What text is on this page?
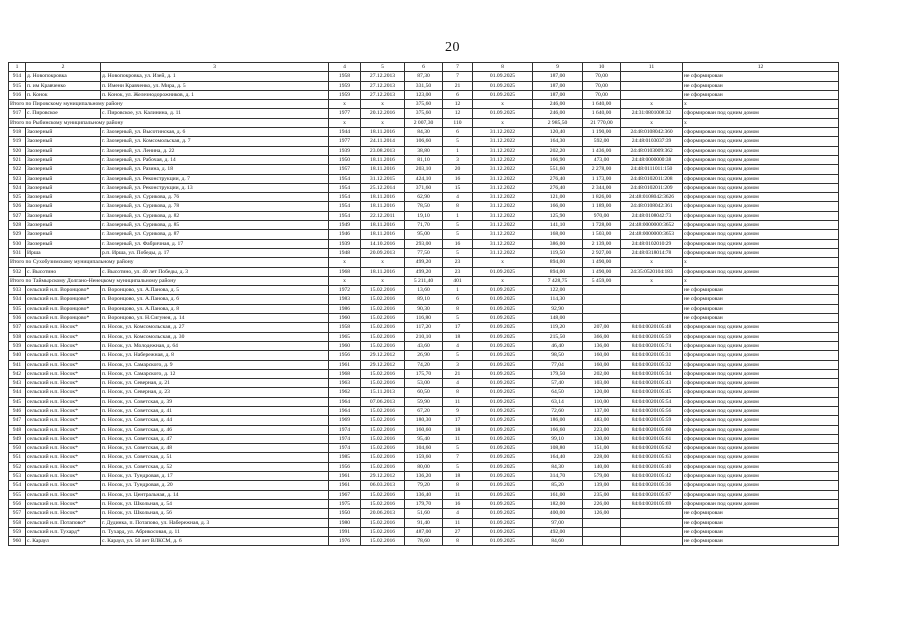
20
1	2	3	4	5	6	7	8	9	10	11	12
914	д. Новопокровка	д. Новопокровка, ул. Изей, д. 1	1958	27.12.2013	87,30	7	01.09.2025	187,00	70,00		не сформирован
915	п. им Кравченко	п. Имени Кравченко, ул. Мира, д. 5	1959	27.12.2013	331,50	21	01.09.2025	187,00	70,00		не сформирован
916	п. Конок	п. Конок, ул. Железнодорожников, д. 1	1959	27.12.2013	123,00	6	01.09.2025	187,00	70,00		не сформирован
Итого по Пировскому муниципальному району			x	x	375,60	12	x	246,00	1 640,00	x	x
917	с. Пировское	с. Пировское, ул. Калинина, д. 11	1977	20.12.2016	375,60	12	01.09.2025	246,00	1 640,00	24:31:0801008:32	сформирован под одним домом
Итого по Рыбинскому муниципальному району			x	x	2 007,30	110	x	2 985,50	21 770,00	x	x
918	Заозерный	г. Заозерный, ул. Высотинская, д. 6	1944	18.11.2016	84,30	6	31.12.2022	120,40	1 190,00	24:48:0108042:360	сформирован под одним домом
919	Заозерный	г. Заозерный, ул. Комсомольская, д. 7	1977	24.11.2014	106,60	5	31.12.2022	164,30	592,00	24:48:0103037:39	сформирован под одним домом
920	Заозерный	г. Заозерный, ул. Ленина, д. 22	1939	23.08.2013	38,80	1	31.12.2022	202,20	1 436,00	24:48:0103009:362	сформирован под одним домом
921	Заозерный	г. Заозерный, ул. Рабочая, д. 14	1950	18.11.2016	81,10	3	31.12.2022	166,90	473,00	24:48:0000000:38	сформирован под одним домом
922	Заозерный	г. Заозерный, ул. Разина, д. 18	1957	18.11.2016	203,10	20	31.12.2022	551,60	2 278,00	24:48:0111011:150	сформирован под одним домом
923	Заозерный	г. Заозерный, ул. Реконструкции, д. 7	1954	31.12.2015	424,10	16	31.12.2022	276,40	1 173,00	24:48:0102011:208	сформирован под одним домом
924	Заозерный	г. Заозерный, ул. Реконструкции, д. 13	1954	25.12.2014	371,60	15	31.12.2022	276,40	2 344,00	24:48:0102011:209	сформирован под одним домом
925	Заозерный	г. Заозерный, ул. Сурикова, д. 76	1954	18.11.2016	62,90	4	31.12.2022	121,00	1 826,00	24:48:0108042:3626	сформирован под одним домом
926	Заозерный	г. Заозерный, ул. Сурикова, д. 78	1954	18.11.2016	78,50	8	31.12.2022	166,00	1 189,00	24:48:0108042:361	сформирован под одним домом
927	Заозерный	г. Заозерный, ул. Сурикова, д. 82	1954	22.12.2011	19,10	1	31.12.2022	125,90	970,00	24:48:0108042:73	сформирован под одним домом
928	Заозерный	г. Заозерный, ул. Сурикова, д. 85	1949	18.11.2016	71,70	5	31.12.2022	141,10	1 728,00	24:48:0000000:3652	сформирован под одним домом
929	Заозерный	г. Заозерный, ул. Сурикова, д. 87	1946	18.11.2016	95,00	5	31.12.2022	168,00	1 503,00	24:48:0000000:3653	сформирован под одним домом
930	Заозерный	г. Заозерный, ул. Фабричная, д. 17	1939	14.10.2016	293,00	16	31.12.2022	386,00	2 139,00	24:48:0102010:29	сформирован под одним домом
931	Ирша	р.п. Ирша, ул. Победы, д. 17	1948	20.09.2013	77,50	5	31.12.2022	119,50	2 927,00	24:48:0318014:78	сформирован под одним домом
Итого по Сухобузимскому муниципальному району			x	x	499,20	23	x	894,00	1 490,00	x	x
932	с. Высотино	с. Высотино, ул. 40 лет Победы, д. 3	1968	18.11.2016	499,20	23	01.09.2025	894,00	1 490,00	24:35:0520104:183	сформирован под одним домом
Итого по Таймырскому Долгано-Ненецкому муниципальному району			x	x	5 211,40	401	x	7 428,75	5 459,00	x	x
933	сельский н.п. Воронцово*	п. Воронцово, ул. А.Панова, д. 5	1972	15.02.2016	13,60	1	01.09.2025	122,00			не сформирован
934	сельский н.п. Воронцово*	п. Воронцово, ул. А.Панова, д. 6	1983	15.02.2016	89,10	6	01.09.2025	114,30			не сформирован
935	сельский н.п. Воронцово*	п. Воронцово, ул. А.Панова, д. 8	1986	15.02.2016	90,30	8	01.09.2025	92,90			не сформирован
936	сельский н.п. Воронцово*	п. Воронцово, ул. Н.Сигунея, д. 14	1960	15.02.2016	116,80	5	01.09.2025	148,00			не сформирован
937	сельский н.п. Носок*	п. Носок, ул. Комсомольская, д. 27	1958	15.02.2016	117,20	17	01.09.2025	119,20	207,00	84:04:0020105:48	сформирован под одним домом
938	сельский н.п. Носок*	п. Носок, ул. Комсомольская, д. 30	1965	15.02.2016	210,10	18	01.09.2025	215,50	366,00	84:04:0020105:59	сформирован под одним домом
939	сельский н.п. Носок*	п. Носок, ул. Молодежная, д. 64	1960	15.02.2016	43,60	4	01.09.2025	46,40	136,00	84:04:0020105:74	сформирован под одним домом
940	сельский н.п. Носок*	п. Носок, ул. Набережная, д. 8	1956	29.12.2012	26,90	5	01.09.2025	98,50	160,00	84:04:0020105:31	сформирован под одним домом
941	сельский н.п. Носок*	п. Носок, ул. Самарского, д. 9	1961	29.12.2012	74,20	3	01.09.2025	77,04	160,00	84:04:0020105:32	сформирован под одним домом
942	сельский н.п. Носок*	п. Носок, ул. Самарского, д. 12	1968	15.02.2016	175,70	21	01.09.2025	179,50	202,00	84:04:0020105:34	сформирован под одним домом
943	сельский н.п. Носок*	п. Носок, ул. Северная, д. 21	1963	15.02.2016	53,00	4	01.09.2025	57,40	103,00	84:04:0020105:43	сформирован под одним домом
944	сельский н.п. Носок*	п. Носок, ул. Северная, д. 23	1962	15.11.2013	60,50	8	01.09.2025	64,50	120,00	84:04:0020105:45	сформирован под одним домом
945	сельский н.п. Носок*	п. Носок, ул. Советская, д. 39	1964	07.06.2013	59,90	11	01.09.2025	63,14	110,00	84:04:0020105:54	сформирован под одним домом
946	сельский н.п. Носок*	п. Носок, ул. Советская, д. 41	1964	15.02.2016	67,20	9	01.09.2025	72,60	137,00	84:04:0020105:56	сформирован под одним домом
947	сельский н.п. Носок*	п. Носок, ул. Советская, д. 44	1969	15.02.2016	180,30	17	01.09.2025	186,00	483,00	84:04:0020105:59	сформирован под одним домом
948	сельский н.п. Носок*	п. Носок, ул. Советская, д. 46	1974	15.02.2016	160,60	18	01.09.2025	166,60	223,00	84:04:0020105:60	сформирован под одним домом
949	сельский н.п. Носок*	п. Носок, ул. Советская, д. 47	1974	15.02.2016	95,40	11	01.09.2025	99,10	130,00	84:04:0020105:61	сформирован под одним домом
950	сельский н.п. Носок*	п. Носок, ул. Советская, д. 48	1974	15.02.2016	104,60	5	01.09.2025	108,80	151,00	84:04:0020105:62	сформирован под одним домом
951	сельский н.п. Носок*	п. Носок, ул. Советская, д. 51	1985	15.02.2016	159,60	7	01.09.2025	164,40	228,00	84:04:0020105:63	сформирован под одним домом
952	сельский н.п. Носок*	п. Носок, ул. Советская, д. 52	1956	15.02.2016	80,00	5	01.09.2025	84,30	140,00	84:04:0020105:40	сформирован под одним домом
953	сельский н.п. Носок*	п. Носок, ул. Тундровая, д. 17	1961	29.12.2012	136,20	18	01.09.2025	314,70	579,00	84:04:0020105:42	сформирован под одним домом
954	сельский н.п. Носок*	п. Носок, ул. Тундровая, д. 20	1961	06.03.2013	79,20	8	01.09.2025	85,20	139,00	84:04:0020105:36	сформирован под одним домом
955	сельский н.п. Носок*	п. Носок, ул. Центральная, д. 14	1967	15.02.2016	136,40	11	01.09.2025	161,00	235,00	84:04:0020105:67	сформирован под одним домом
956	сельский н.п. Носок*	п. Носок, ул. Школьная, д. 54	1975	15.02.2016	179,70	16	01.09.2025	182,00	226,00	84:04:0020105:69	сформирован под одним домом
957	сельский н.п. Носок*	п. Носок, ул. Школьная, д. 56	1950	20.06.2013	51,60	4	01.09.2025	400,00	126,00		не сформирован
958	сельский н.п. Потапово*	г. Дудинка, п. Потапово, ул. Набережная, д. 3	1980	15.02.2016	91,40	11	01.09.2025	97,00			не сформирован
959	сельский н.п. Тухард*	п. Тухард, ул. Абрикосовая, д. 11	1991	15.02.2016	487,00	27	01.09.2025	492,00			не сформирован
960	с. Караул	с. Караул, ул. 50 лет ВЛКСМ, д. 6	1976	15.02.2016	78,60	8	01.09.2025	84,60			не сформирован
